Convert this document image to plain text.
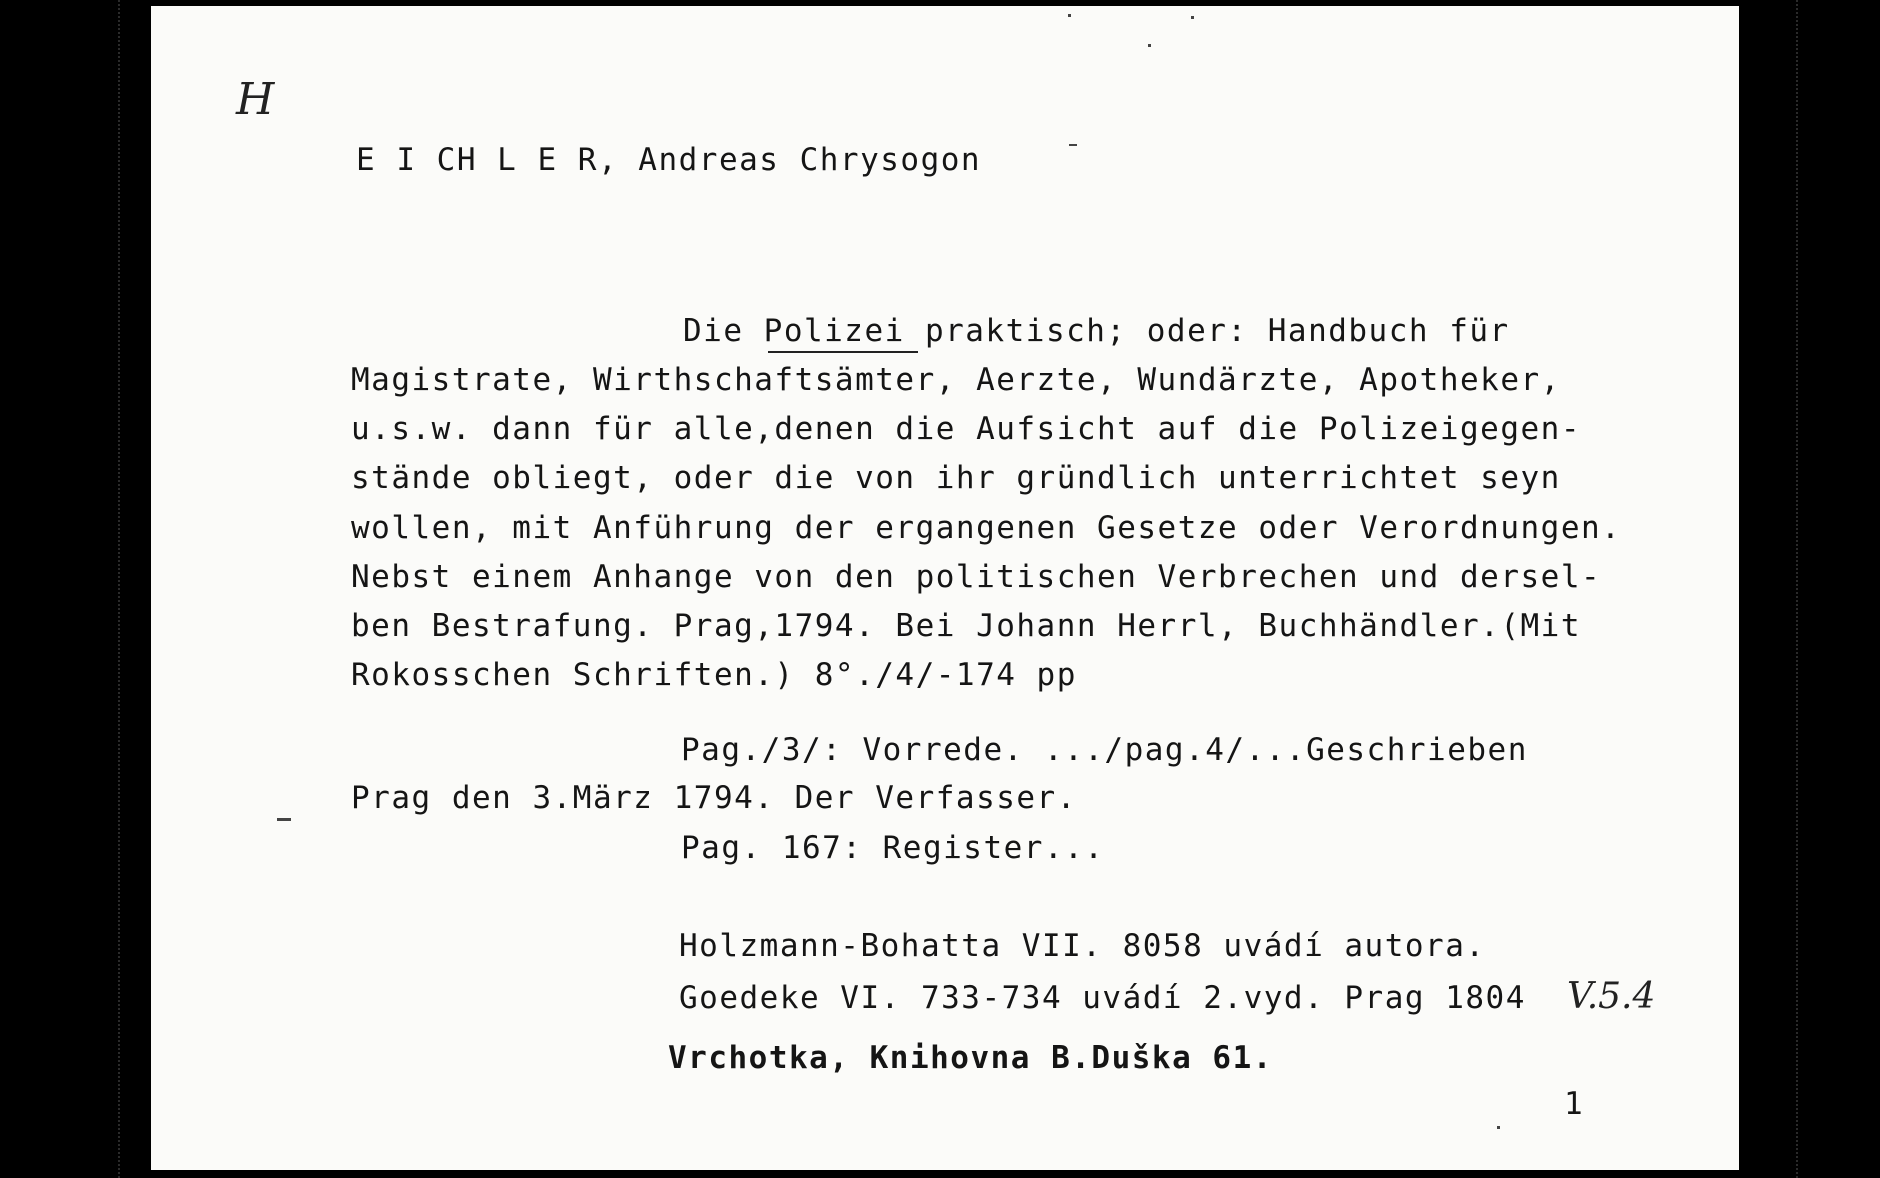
H
E I CH L E R, Andreas Chrysogon
Die Polizei praktisch; oder: Handbuch für
Magistrate, Wirthschaftsämter, Aerzte, Wundärzte, Apotheker,
u.s.w. dann für alle,denen die Aufsicht auf die Polizeigegen-
stände obliegt, oder die von ihr gründlich unterrichtet seyn
wollen, mit Anführung der ergangenen Gesetze oder Verordnungen.
Nebst einem Anhange von den politischen Verbrechen und dersel-
ben Bestrafung. Prag,1794. Bei Johann Herrl, Buchhändler.(Mit
Rokosschen Schriften.) 8°./4/-174 pp
Pag./3/: Vorrede. .../pag.4/...Geschrieben
Prag den 3.März 1794. Der Verfasser.
Pag. 167: Register...
Holzmann-Bohatta VII. 8058 uvádí autora.
Goedeke VI. 733-734 uvádí 2.vyd. Prag 1804 V.5.4
Vrchotka, Knihovna B.Duška 61.
1
